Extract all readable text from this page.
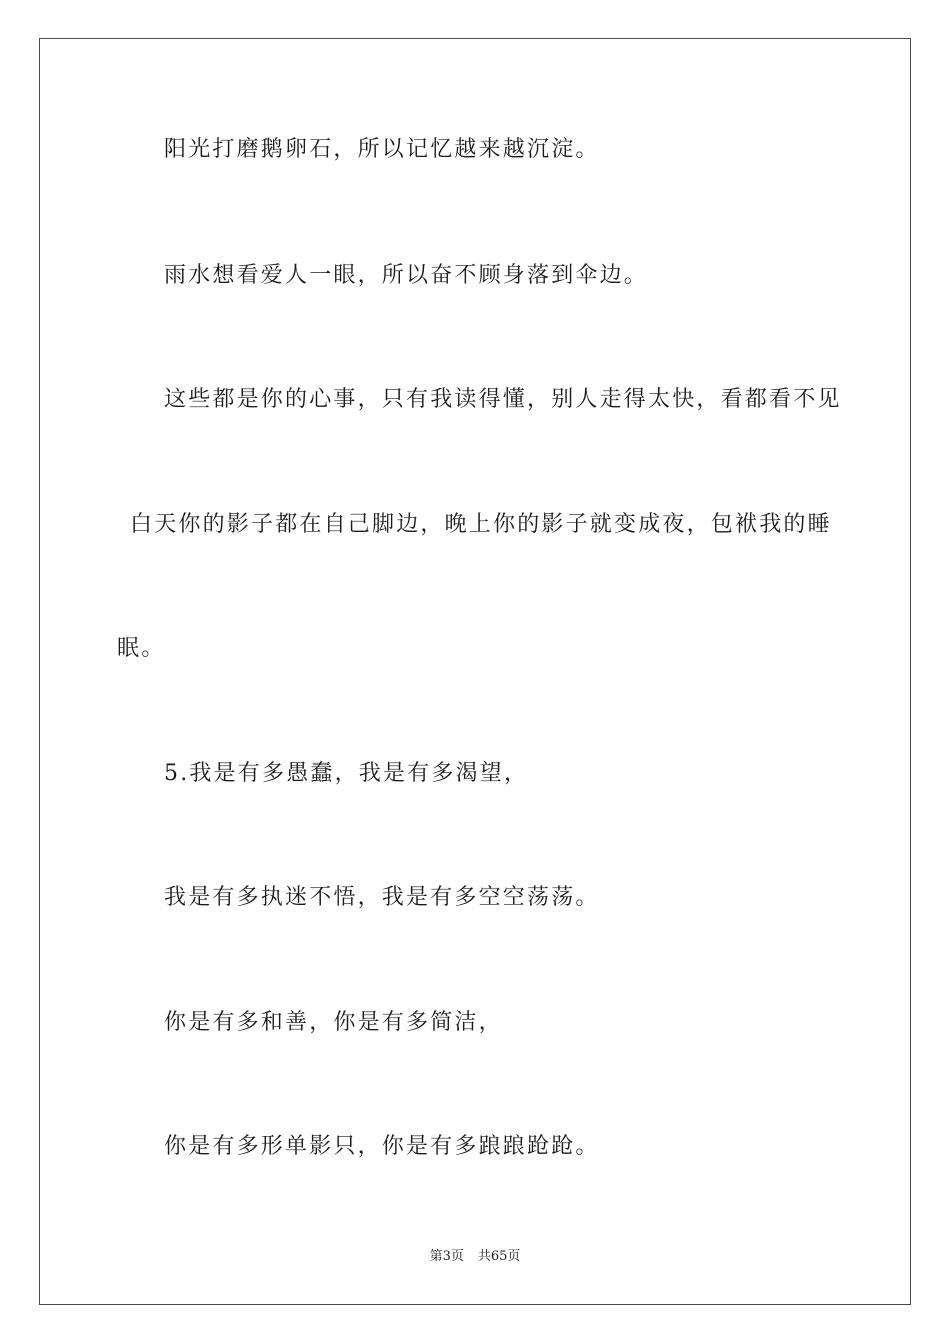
阳光打磨鹅卵石，所以记忆越来越沉淀。
雨水想看爱人一眼，所以奋不顾身落到伞边。
这些都是你的心事，只有我读得懂，别人走得太快，看都看不见
白天你的影子都在自己脚边，晚上你的影子就变成夜，包袱我的睡
眠。
5.我是有多愚蠢，我是有多渴望，
我是有多执迷不悟，我是有多空空荡荡。
你是有多和善，你是有多简洁，
你是有多形单影只，你是有多踉踉跄跄。
第3页 共65页
